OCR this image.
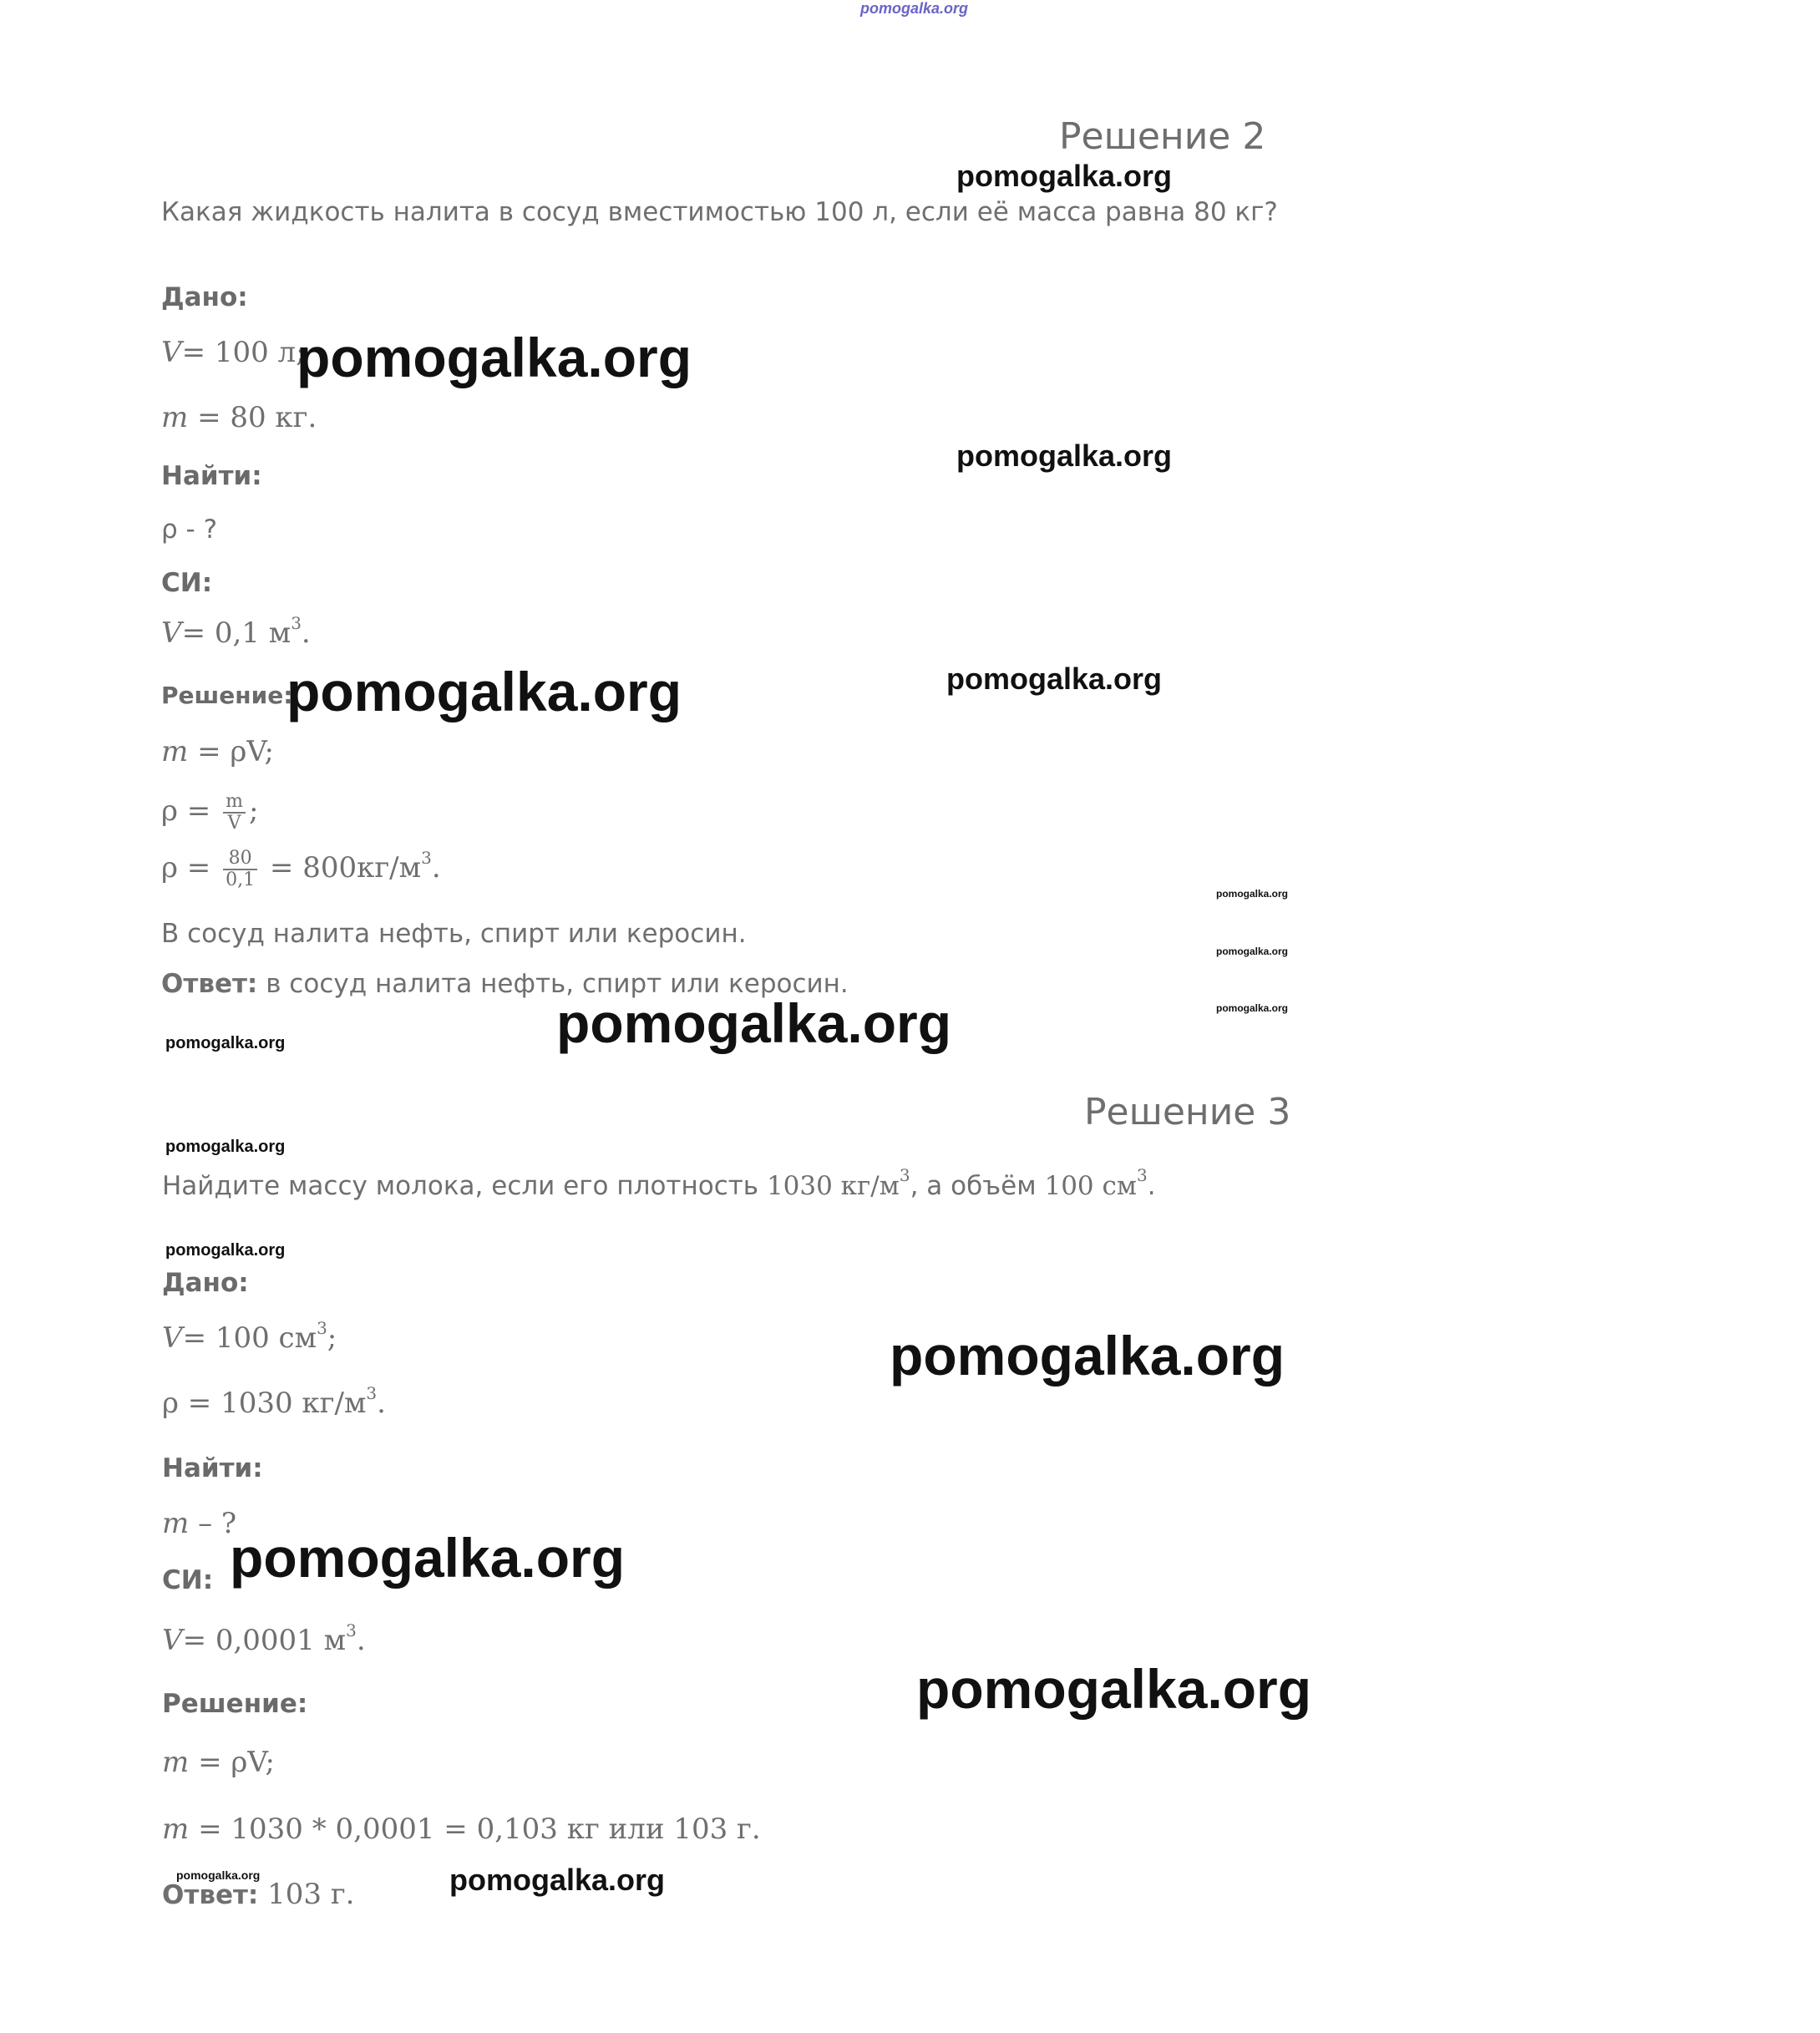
pomogalka.org
Решение 2
Какая жидкость налита в сосуд вместимостью 100 л, если её масса равна 80 кг?
Дано:
V= 100 л;
m = 80 кг.
Найти:
ρ - ?
СИ:
V= 0,1 $м^3$.
Решение:
m = ρV;
$\rho = \frac{m}{V}$ ;
$\rho = \frac{80}{0,1} = 800кг/м^3$.
В сосуд налита нефть, спирт или керосин.
Ответ: в сосуд налита нефть, спирт или керосин.
Решение 3
Найдите массу молока, если его плотность 1030 $кг/м^3$, а объём 100 $см^3$.
Дано:
V= 100 $см^3$;
ρ = 1030 $кг/м^3$.
Найти:
m – ?
СИ:
V= 0,0001 $м^3$.
Решение:
m = ρV;
m = 1030 * 0,0001 = 0,103 кг или 103 г.
Ответ: 103 г.
pomogalka.org
pomogalka.org
pomogalka.org
pomogalka.org	pomogalka.org
pomogalka.org
pomogalka.org
pomogalka.org
pomogalka.org
pomogalka.org
pomogalka.org
pomogalka.org
pomogalka.org
pomogalka.org
pomogalka.org
pomogalka.org	pomogalka.org
